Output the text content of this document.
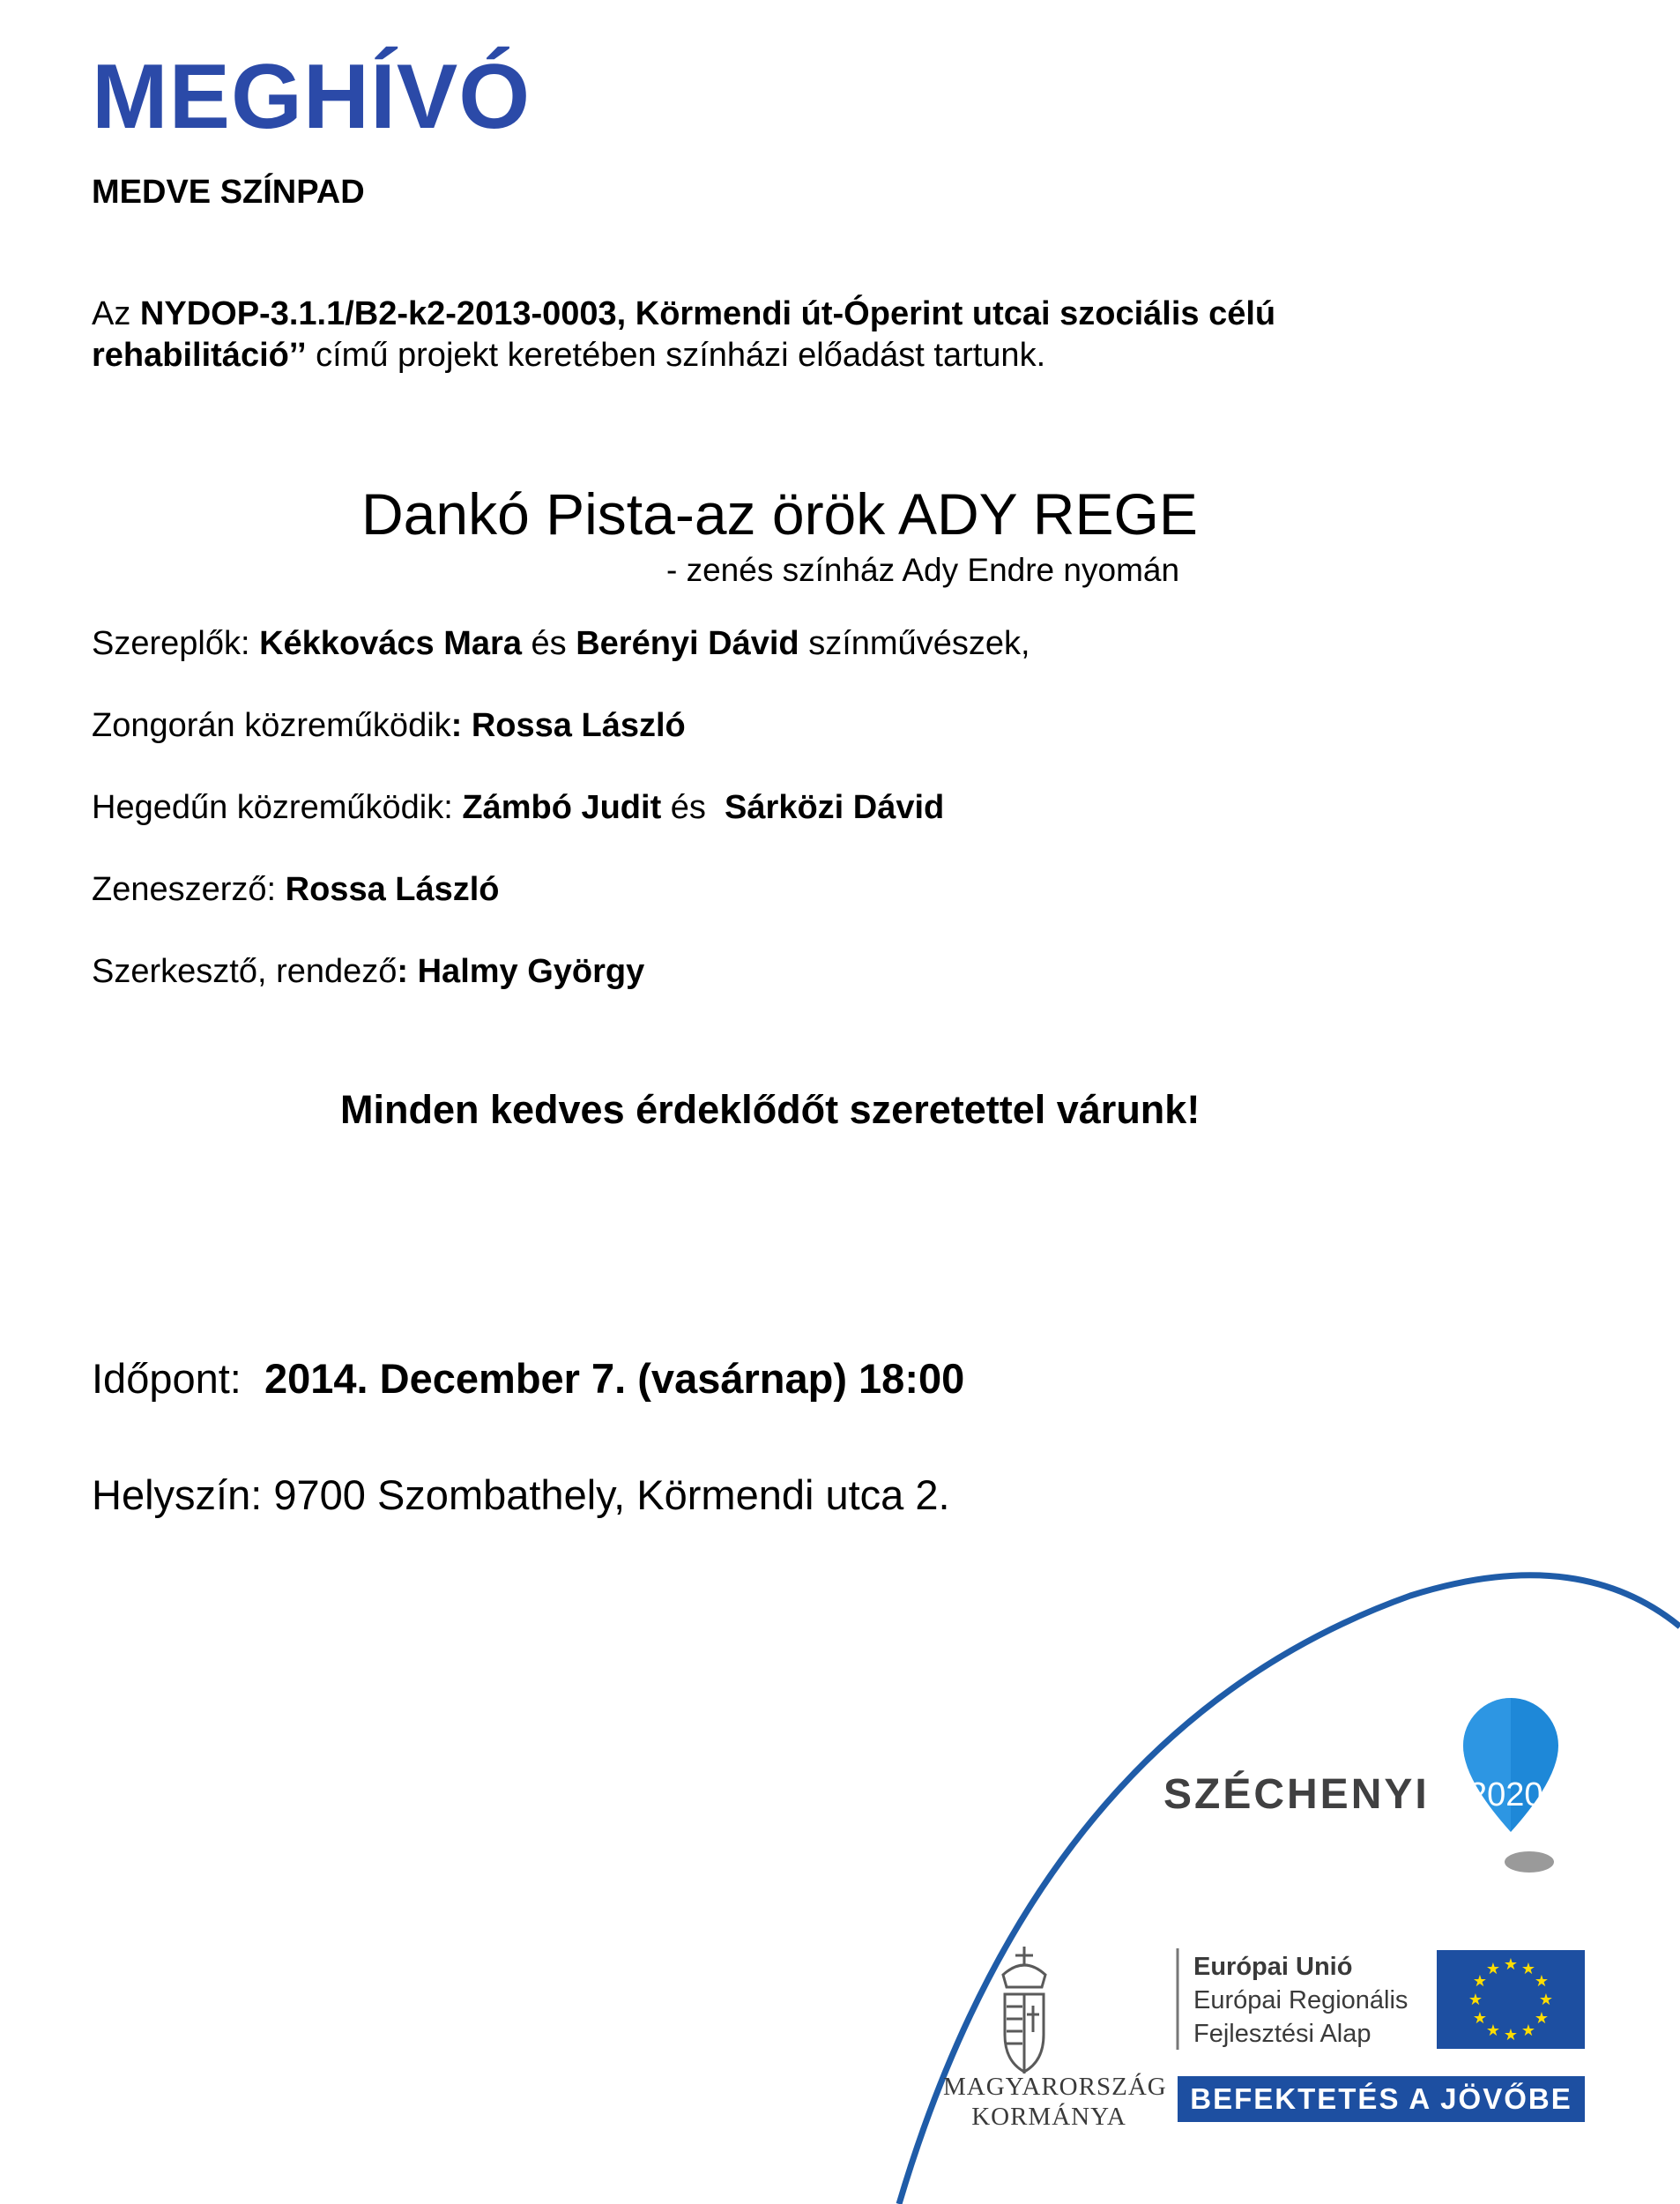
MEGHÍVÓ
MEDVE SZÍNPAD
Az NYDOP-3.1.1/B2-k2-2013-0003, Körmendi út-Óperint utcai szociális célú rehabilitáció’’ című projekt keretében színházi előadást tartunk.
Dankó Pista-az örök ADY REGE
- zenés színház Ady Endre nyomán
Szereplők: Kékkovács Mara és Berényi Dávid színművészek,
Zongorán közreműködik: Rossa László
Hegedűn közreműködik: Zámbó Judit és  Sárközi Dávid
Zeneszerző: Rossa László
Szerkesztő, rendező: Halmy György
Minden kedves érdeklődőt szeretettel várunk!
Időpont:  2014. December 7. (vasárnap) 18:00
Helyszín: 9700 Szombathely, Körmendi utca 2.
★ ★
★
★
★
★
★
★
★
★
★
★
SZÉCHENYI 2020
MAGYARORSZÁG
KORMÁNYA
Európai Unió
Európai Regionális
Fejlesztési Alap
BEFEKTETÉS A JÖVŐBE
